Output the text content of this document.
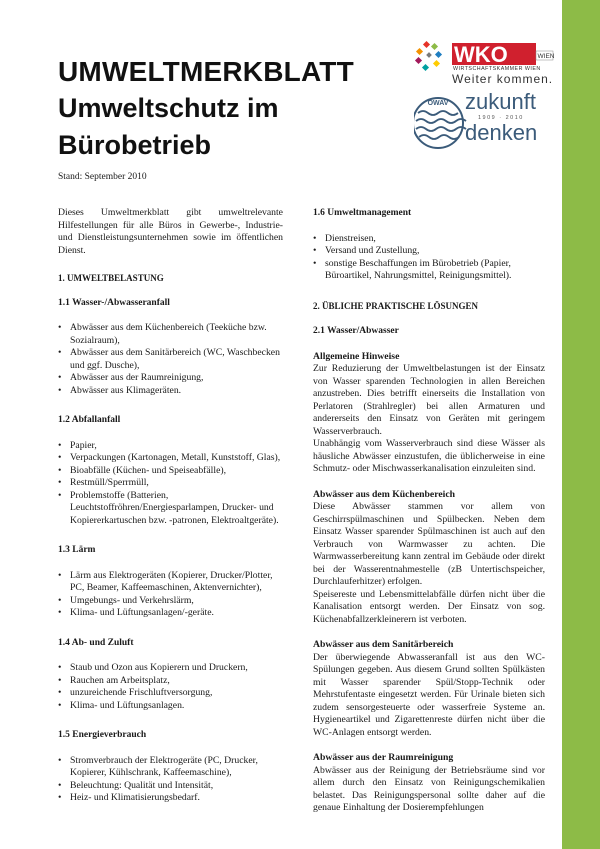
UMWELTMERKBLATT
Umweltschutz im
Bürobetrieb
Stand: September 2010
WKO	WIEN
WIRTSCHAFTSKAMMER WIEN
Weiter kommen.
ÖWAV zukunft
1909 · 2010
denken

Dieses Umweltmerkblatt gibt umweltrelevante Hilfestellungen für alle Büros in Gewerbe-, Industrie- und Dienstleistungsunternehmen sowie im öffentlichen Dienst.

1. UMWELTBELASTUNG

1.1 Wasser-/Abwasseranfall

• Abwässer aus dem Küchenbereich (Teeküche bzw. Sozialraum),
• Abwässer aus dem Sanitärbereich (WC, Waschbecken und ggf. Dusche),
• Abwässer aus der Raumreinigung,
• Abwässer aus Klimageräten.

1.2 Abfallanfall

• Papier,
• Verpackungen (Kartonagen, Metall, Kunststoff, Glas),
• Bioabfälle (Küchen- und Speiseabfälle),
• Restmüll/Sperrmüll,
• Problemstoffe (Batterien, Leuchtstoffröhren/Energiesparlampen, Drucker- und Kopiererkartuschen bzw. -patronen, Elektroaltgeräte).

1.3 Lärm

• Lärm aus Elektrogeräten (Kopierer, Drucker/Plotter, PC, Beamer, Kaffeemaschinen, Aktenvernichter),
• Umgebungs- und Verkehrslärm,
• Klima- und Lüftungsanlagen/-geräte.

1.4 Ab- und Zuluft

• Staub und Ozon aus Kopierern und Druckern,
• Rauchen am Arbeitsplatz,
• unzureichende Frischluftversorgung,
• Klima- und Lüftungsanlagen.

1.5 Energieverbrauch

• Stromverbrauch der Elektrogeräte (PC, Drucker, Kopierer, Kühlschrank, Kaffeemaschine),
• Beleuchtung: Qualität und Intensität,
• Heiz- und Klimatisierungsbedarf.

1.6 Umweltmanagement

• Dienstreisen,
• Versand und Zustellung,
• sonstige Beschaffungen im Bürobetrieb (Papier, Büroartikel, Nahrungsmittel, Reinigungsmittel).

2. ÜBLICHE PRAKTISCHE LÖSUNGEN

2.1 Wasser/Abwasser

Allgemeine Hinweise

Zur Reduzierung der Umweltbelastungen ist der Einsatz von Wasser sparenden Technologien in allen Bereichen anzustreben. Dies betrifft einerseits die Installation von Perlatoren (Strahlregler) bei allen Armaturen und andererseits den Einsatz von Geräten mit geringem Wasserverbrauch.

Unabhängig vom Wasserverbrauch sind diese Wässer als häusliche Abwässer einzustufen, die üblicherweise in eine Schmutz- oder Mischwasserkanalisation einzuleiten sind.

Abwässer aus dem Küchenbereich

Diese Abwässer stammen vor allem von Geschirrspülmaschinen und Spülbecken. Neben dem Einsatz Wasser sparender Spülmaschinen ist auch auf den Verbrauch von Warmwasser zu achten. Die Warmwasserbereitung kann zentral im Gebäude oder direkt bei der Wasserentnahmestelle (zB Untertischspeicher, Durchlauferhitzer) erfolgen.

Speisereste und Lebensmittelabfälle dürfen nicht über die Kanalisation entsorgt werden. Der Einsatz von sog. Küchenabfallzerkleinerern ist verboten.

Abwässer aus dem Sanitärbereich

Der überwiegende Abwasseranfall ist aus den WC-Spülungen gegeben. Aus diesem Grund sollten Spülkästen mit Wasser sparender Spül/Stopp-Technik oder Mehrstufentaste eingesetzt werden. Für Urinale bieten sich zudem sensorgesteuerte oder wasserfreie Systeme an. Hygieneartikel und Zigarettenreste dürfen nicht über die WC-Anlagen entsorgt werden.

Abwässer aus der Raumreinigung

Abwässer aus der Reinigung der Betriebsräume sind vor allem durch den Einsatz von Reinigungschemikalien belastet. Das Reinigungspersonal sollte daher auf die genaue Einhaltung der Dosierempfehlungen
